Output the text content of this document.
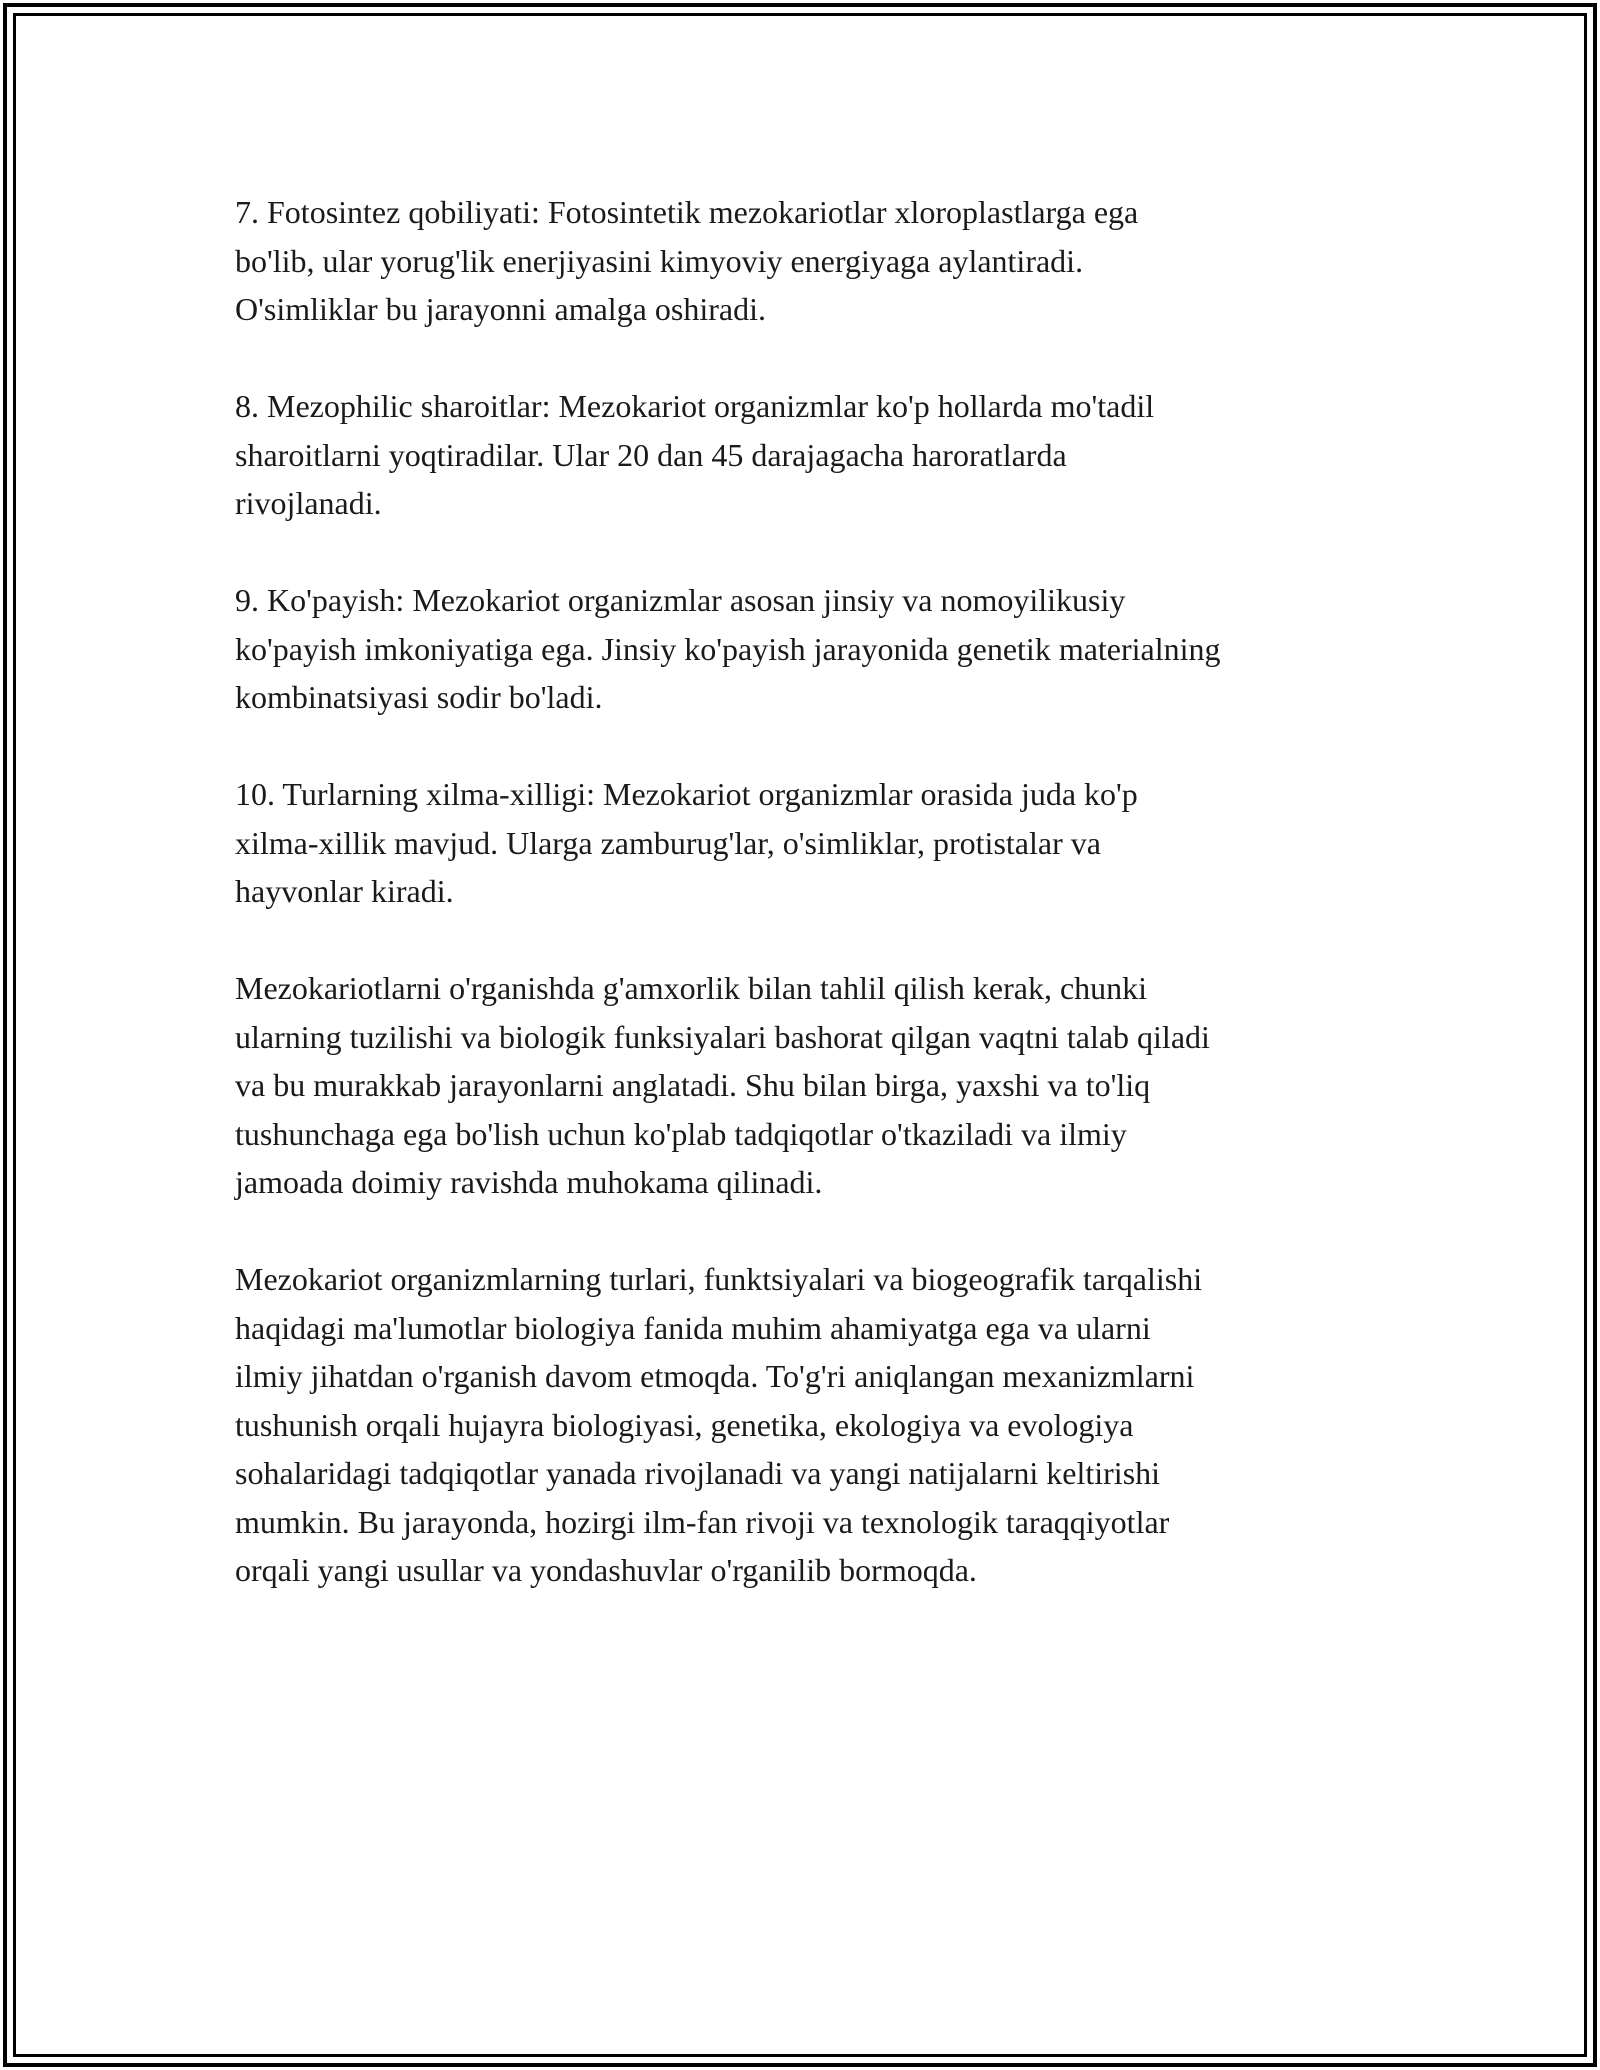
7. Fotosintez qobiliyati: Fotosintetik mezokariotlar xloroplastlarga ega
bo'lib, ular yorug'lik enerjiyasini kimyoviy energiyaga aylantiradi.
O'simliklar bu jarayonni amalga oshiradi.

8. Mezophilic sharoitlar: Mezokariot organizmlar ko'p hollarda mo'tadil
sharoitlarni yoqtiradilar. Ular 20 dan 45 darajagacha haroratlarda
rivojlanadi.

9. Ko'payish: Mezokariot organizmlar asosan jinsiy va nomoyilikusiy
ko'payish imkoniyatiga ega. Jinsiy ko'payish jarayonida genetik materialning
kombinatsiyasi sodir bo'ladi.

10. Turlarning xilma-xilligi: Mezokariot organizmlar orasida juda ko'p
xilma-xillik mavjud. Ularga zamburug'lar, o'simliklar, protistalar va
hayvonlar kiradi.

Mezokariotlarni o'rganishda g'amxorlik bilan tahlil qilish kerak, chunki
ularning tuzilishi va biologik funksiyalari bashorat qilgan vaqtni talab qiladi
va bu murakkab jarayonlarni anglatadi. Shu bilan birga, yaxshi va to'liq
tushunchaga ega bo'lish uchun ko'plab tadqiqotlar o'tkaziladi va ilmiy
jamoada doimiy ravishda muhokama qilinadi.

Mezokariot organizmlarning turlari, funktsiyalari va biogeografik tarqalishi
haqidagi ma'lumotlar biologiya fanida muhim ahamiyatga ega va ularni
ilmiy jihatdan o'rganish davom etmoqda. To'g'ri aniqlangan mexanizmlarni
tushunish orqali hujayra biologiyasi, genetika, ekologiya va evologiya
sohalaridagi tadqiqotlar yanada rivojlanadi va yangi natijalarni keltirishi
mumkin. Bu jarayonda, hozirgi ilm-fan rivoji va texnologik taraqqiyotlar
orqali yangi usullar va yondashuvlar o'rganilib bormoqda.
